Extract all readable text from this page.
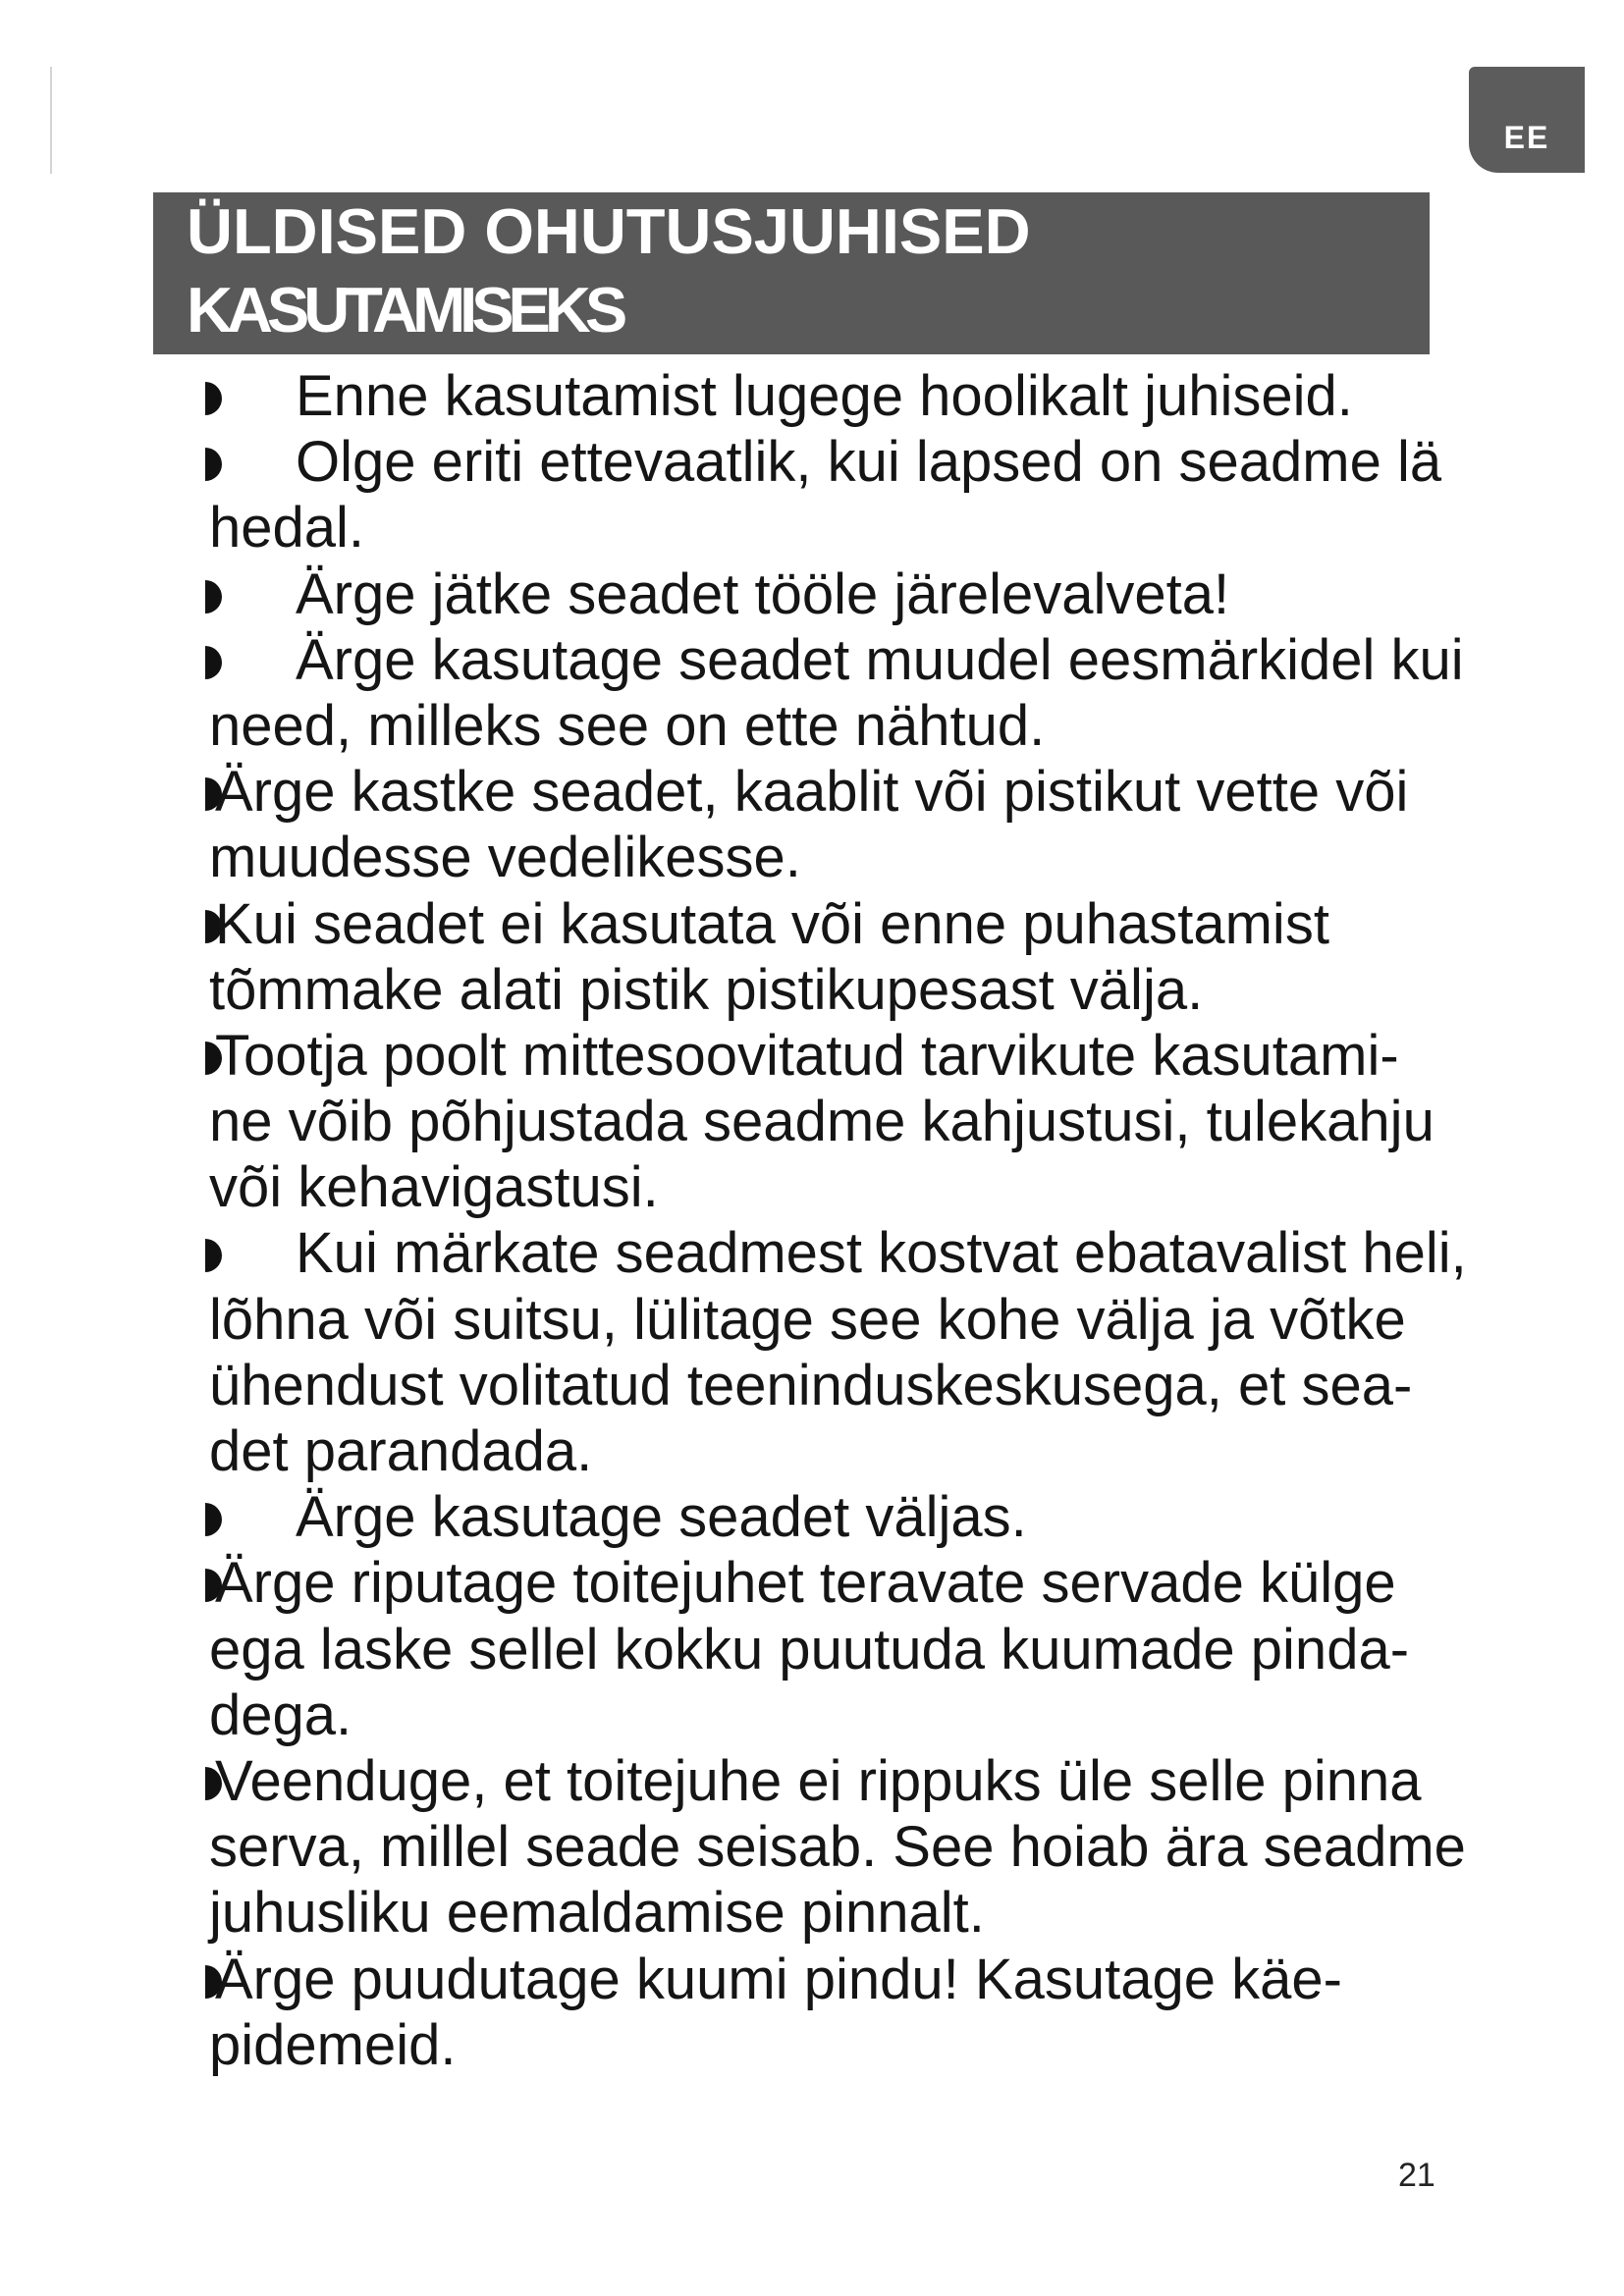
EE
ÜLDISED OHUTUSJUHISED
KASUTAMISEKS
Enne kasutamist lugege hoolikalt juhiseid.
Olge eriti ettevaatlik, kui lapsed on seadme lä
hedal.
Ärge jätke seadet tööle järelevalveta!
Ärge kasutage seadet muudel eesmärkidel kui
need, milleks see on ette nähtud.
Ärge kastke seadet, kaablit või pistikut vette või
muudesse vedelikesse.
Kui seadet ei kasutata või enne puhastamist
tõmmake alati pistik pistikupesast välja.
Tootja poolt mittesoovitatud tarvikute kasutami-
ne võib põhjustada seadme kahjustusi, tulekahju
või kehavigastusi.
Kui märkate seadmest kostvat ebatavalist heli,
lõhna või suitsu, lülitage see kohe välja ja võtke
ühendust volitatud teeninduskeskusega, et sea-
det parandada.
Ärge kasutage seadet väljas.
Ärge riputage toitejuhet teravate servade külge
ega laske sellel kokku puutuda kuumade pinda-
dega.
Veenduge, et toitejuhe ei rippuks üle selle pinna
serva, millel seade seisab. See hoiab ära seadme
juhusliku eemaldamise pinnalt.
Ärge puudutage kuumi pindu! Kasutage käe-
pidemeid.
21
